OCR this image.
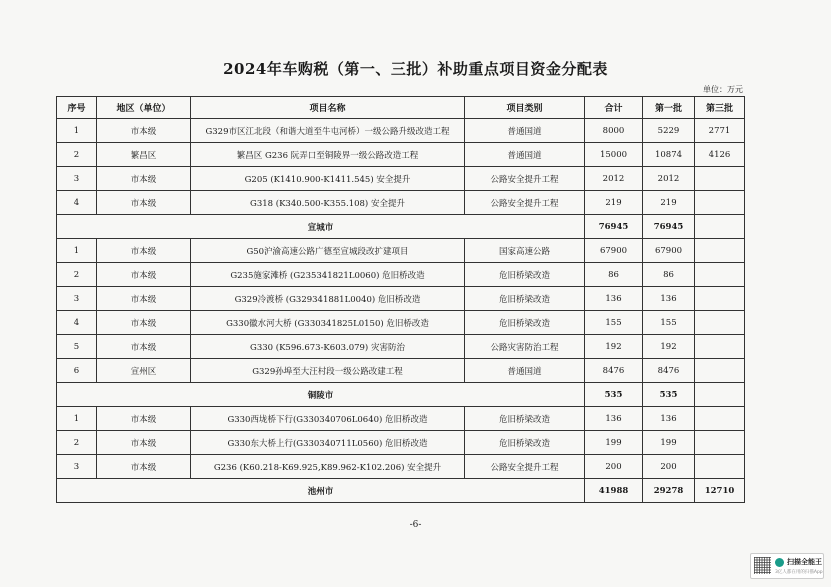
2024年车购税（第一、三批）补助重点项目资金分配表
单位：万元
序号	地区（单位）	项目名称	项目类别	合计	第一批	第三批
1	市本级	G329市区江北段（和谐大道至牛屯河桥）一级公路升级改造工程	普通国道	8000	5229	2771
2	繁昌区	繁昌区 G236 阮弄口至铜陵界一级公路改造工程	普通国道	15000	10874	4126
3	市本级	G205 (K1410.900-K1411.545) 安全提升	公路安全提升工程	2012	2012	
4	市本级	G318 (K340.500-K355.108) 安全提升	公路安全提升工程	219	219	
宣城市				76945	76945	
1	市本级	G50沪渝高速公路广德至宣城段改扩建项目	国家高速公路	67900	67900	
2	市本级	G235施家滩桥 (G235341821L0060) 危旧桥改造	危旧桥梁改造	86	86	
3	市本级	G329冷渡桥 (G329341881L0040) 危旧桥改造	危旧桥梁改造	136	136	
4	市本级	G330徽水河大桥 (G330341825L0150) 危旧桥改造	危旧桥梁改造	155	155	
5	市本级	G330 (K596.673-K603.079) 灾害防治	公路灾害防治工程	192	192	
6	宣州区	G329孙埠至大汪村段一级公路改建工程	普通国道	8476	8476	
铜陵市				535	535	
1	市本级	G330西垅桥下行(G330340706L0640) 危旧桥改造	危旧桥梁改造	136	136	
2	市本级	G330东大桥上行(G330340711L0560) 危旧桥改造	危旧桥梁改造	199	199	
3	市本级	G236 (K60.218-K69.925,K89.962-K102.206) 安全提升	公路安全提升工程	200	200	
池州市				41988	29278	12710
-6-
扫描全能王
3亿人都在用的扫描App
